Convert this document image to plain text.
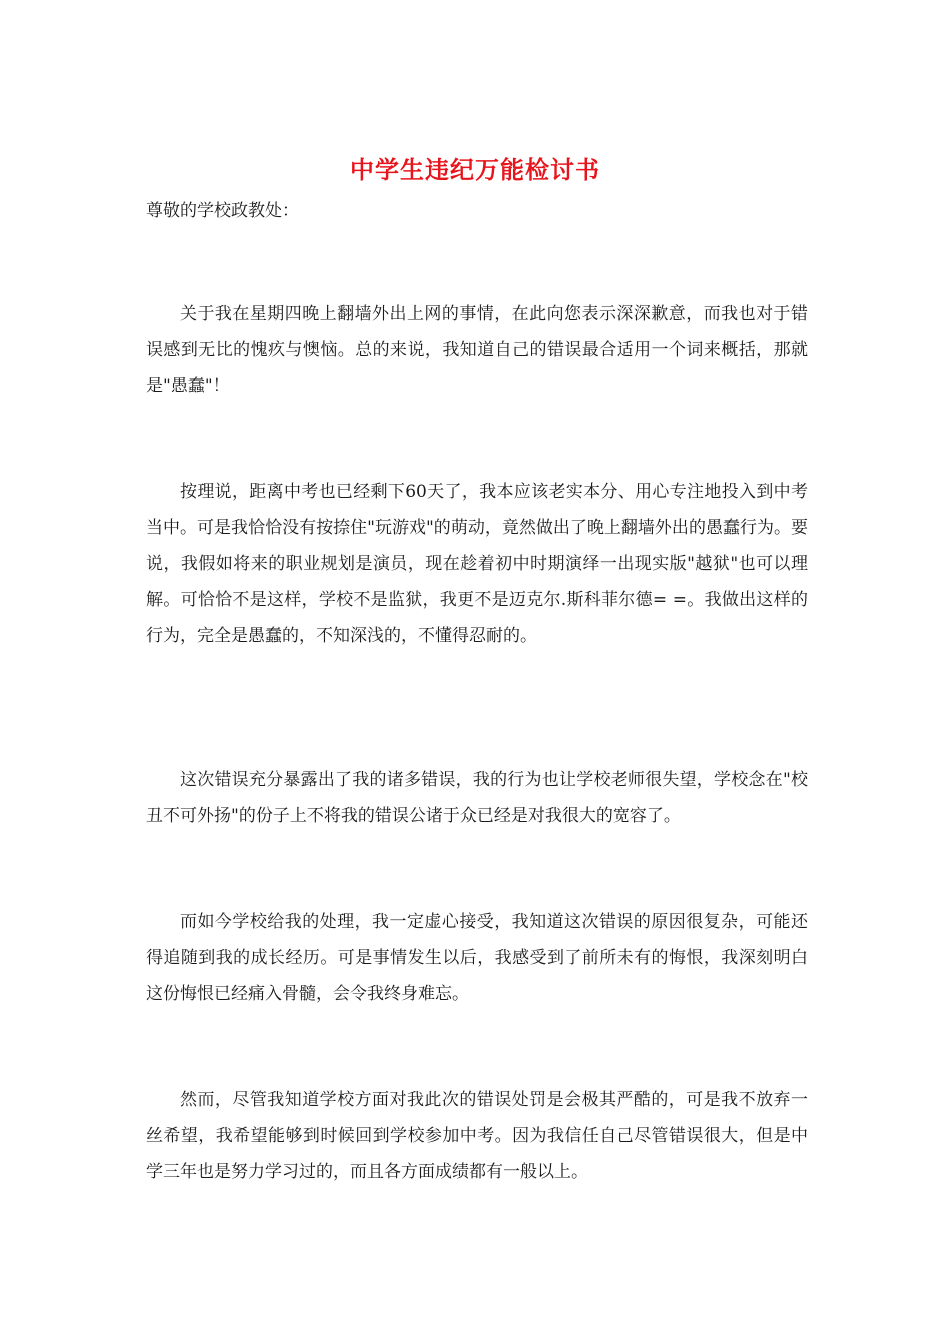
中学生违纪万能检讨书
尊敬的学校政教处：

关于我在星期四晚上翻墙外出上网的事情，在此向您表示深深歉意，而我也对于错误感到无比的愧疚与懊恼。总的来说，我知道自己的错误最合适用一个词来概括，那就是"愚蠢"！

按理说，距离中考也已经剩下60天了，我本应该老实本分、用心专注地投入到中考当中。可是我恰恰没有按捺住"玩游戏"的萌动，竟然做出了晚上翻墙外出的愚蠢行为。要说，我假如将来的职业规划是演员，现在趁着初中时期演绎一出现实版"越狱"也可以理解。可恰恰不是这样，学校不是监狱，我更不是迈克尔.斯科菲尔德= =。我做出这样的行为，完全是愚蠢的，不知深浅的，不懂得忍耐的。

这次错误充分暴露出了我的诸多错误，我的行为也让学校老师很失望，学校念在"校丑不可外扬"的份子上不将我的错误公诸于众已经是对我很大的宽容了。

而如今学校给我的处理，我一定虚心接受，我知道这次错误的原因很复杂，可能还得追随到我的成长经历。可是事情发生以后，我感受到了前所未有的悔恨，我深刻明白这份悔恨已经痛入骨髓，会令我终身难忘。

然而，尽管我知道学校方面对我此次的错误处罚是会极其严酷的，可是我不放弃一丝希望，我希望能够到时候回到学校参加中考。因为我信任自己尽管错误很大，但是中学三年也是努力学习过的，而且各方面成绩都有一般以上。
